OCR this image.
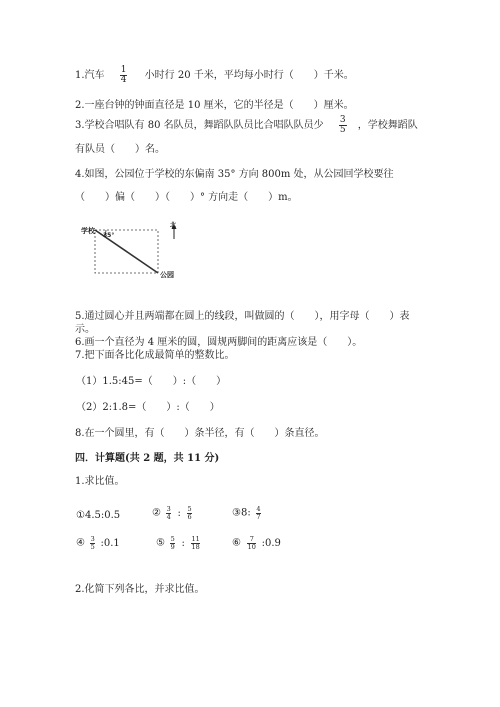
1.汽车 $\frac{1}{4}$ 小时行 20 千米，平均每小时行（　　）千米。
2.一座台钟的钟面直径是 10 厘米，它的半径是（　　）厘米。
3.学校合唱队有 80 名队员，舞蹈队队员比合唱队队员少 $\frac{3}{5}$ ，学校舞蹈队
有队员（　　）名。
4.如图，公园位于学校的东偏南 35° 方向 800m 处，从公园回学校要往
（　　）偏（　　）（　　）° 方向走（　　）m。
学校
35°
公园
北
5.通过圆心并且两端都在圆上的线段，叫做圆的（　　），用字母（　　）表
示。
6.画一个直径为 4 厘米的圆，圆规两脚间的距离应该是（　　）。
7.把下面各比化成最简单的整数比。
（1）1.5:45=（　　）:（　　）
（2）2:1.8=（　　）:（　　）
8.在一个圆里，有（　　）条半径，有（　　）条直径。
四．计算题(共 2 题，共 11 分)
1.求比值。
①4.5:0.5	② $\frac{3}{4}$ : $\frac{5}{6}$	③8: $\frac{4}{7}$
④ $\frac{3}{5}$ :0.1	⑤ $\frac{5}{9}$ : $\frac{11}{18}$	⑥ $\frac{7}{10}$ :0.9
2.化简下列各比，并求比值。
